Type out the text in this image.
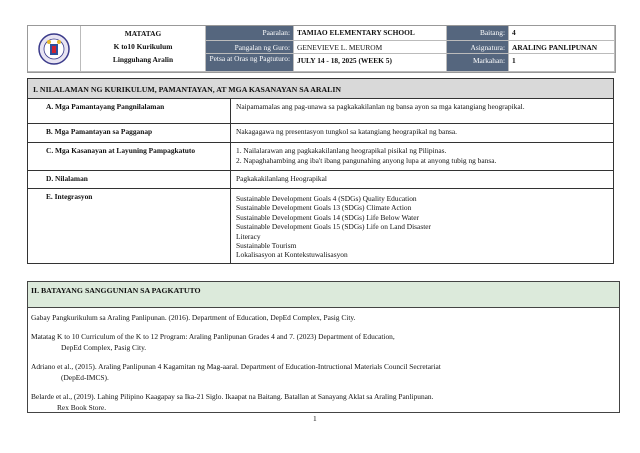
MATATAG
K to10 Kurikulum
Lingguhang Aralin
Paaralan: TAMIAO ELEMENTARY SCHOOL	Baitang: 4
Pangalan ng Guro: GENEVIEVE L. MEUROM	Asignatura: ARALING PANLIPUNAN
Petsa at Oras ng Pagtuturo: JULY 14 - 18, 2025 (WEEK 5)	Markahan: 1
I. NILALAMAN NG KURIKULUM, PAMANTAYAN, AT MGA KASANAYAN SA ARALIN
A. Mga Pamantayang Pangnilalaman	Naipamamalas ang pag-unawa sa pagkakakilanlan ng bansa ayon sa mga katangiang heograpikal.
B. Mga Pamantayan sa Pagganap	Nakagagawa ng presentasyon tungkol sa katangiang heograpikal ng bansa.
C. Mga Kasanayan at Layuning Pampagkatuto	1. Nailalarawan ang pagkakakilanlang heograpikal pisikal ng Pilipinas.
2. Napaghahambing ang iba't ibang pangunahing anyong lupa at anyong tubig ng bansa.
D. Nilalaman	Pagkakakilanlang Heograpikal
E. Integrasyon	Sustainable Development Goals 4 (SDGs) Quality Education
Sustainable Development Goals 13 (SDGs) Climate Action
Sustainable Development Goals 14 (SDGs) Life Below Water
Sustainable Development Goals 15 (SDGs) Life on Land Disaster
Literacy
Sustainable Tourism
Lokalisasyon at Kontekstuwalisasyon
II. BATAYANG SANGGUNIAN SA PAGKATUTO
Gabay Pangkurikulum sa Araling Panlipunan. (2016). Department of Education, DepEd Complex, Pasig City.
Matatag K to 10 Curriculum of the K to 12 Program: Araling Panlipunan Grades 4 and 7. (2023) Department of Education,
DepEd Complex, Pasig City.
Adriano et al., (2015). Araling Panlipunan 4 Kagamitan ng Mag-aaral. Department of Education-Intructional Materials Council Secretariat
(DepEd-IMCS).
Belarde et al., (2019). Lahing Pilipino Kaagapay sa Ika-21 Siglo. Ikaapat na Baitang. Batallan at Sanayang Aklat sa Araling Panlipunan.
Rex Book Store.
1
